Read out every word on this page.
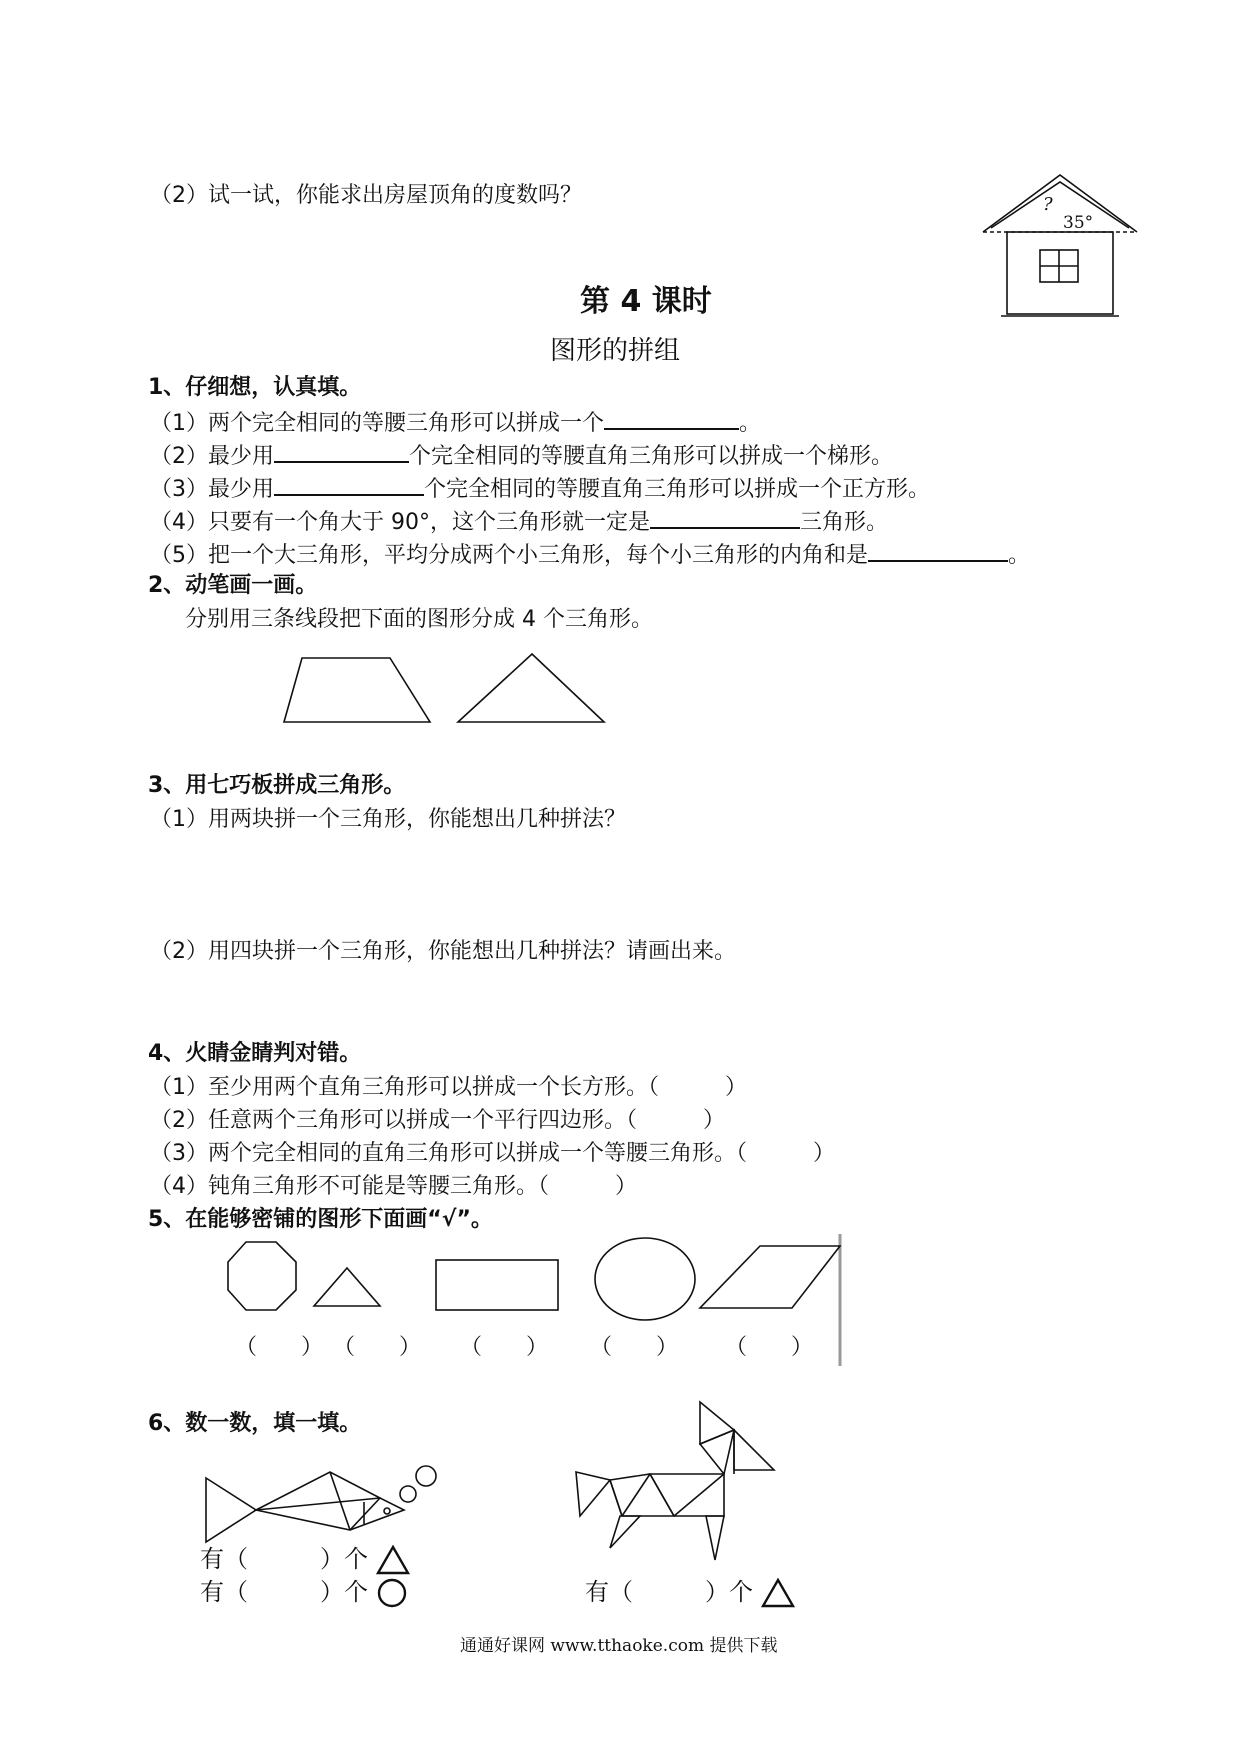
（2）试一试，你能求出房屋顶角的度数吗？	?
35°
第 4 课时
图形的拼组
1、仔细想，认真填。
（1）两个完全相同的等腰三角形可以拼成一个	。
（2）最少用	个完全相同的等腰直角三角形可以拼成一个梯形。
（3）最少用	个完全相同的等腰直角三角形可以拼成一个正方形。
（4）只要有一个角大于 90°，这个三角形就一定是	三角形。
（5）把一个大三角形，平均分成两个小三角形，每个小三角形的内角和是	。
2、动笔画一画。
分别用三条线段把下面的图形分成 4 个三角形。
3、用七巧板拼成三角形。
（1）用两块拼一个三角形，你能想出几种拼法？
（2）用四块拼一个三角形，你能想出几种拼法？请画出来。
4、火睛金睛判对错。
（1）至少用两个直角三角形可以拼成一个长方形。（　　　）
（2）任意两个三角形可以拼成一个平行四边形。（　　　）
（3）两个完全相同的直角三角形可以拼成一个等腰三角形。（　　　）
（4）钝角三角形不可能是等腰三角形。（　　　）
5、在能够密铺的图形下面画“√”。
（　　） （　　） （　　） （　　） （　　）
6、数一数，填一填。
有（　　　）个
有（　　　）个	有（　　　）个
通通好课网 www.tthaoke.com 提供下载
